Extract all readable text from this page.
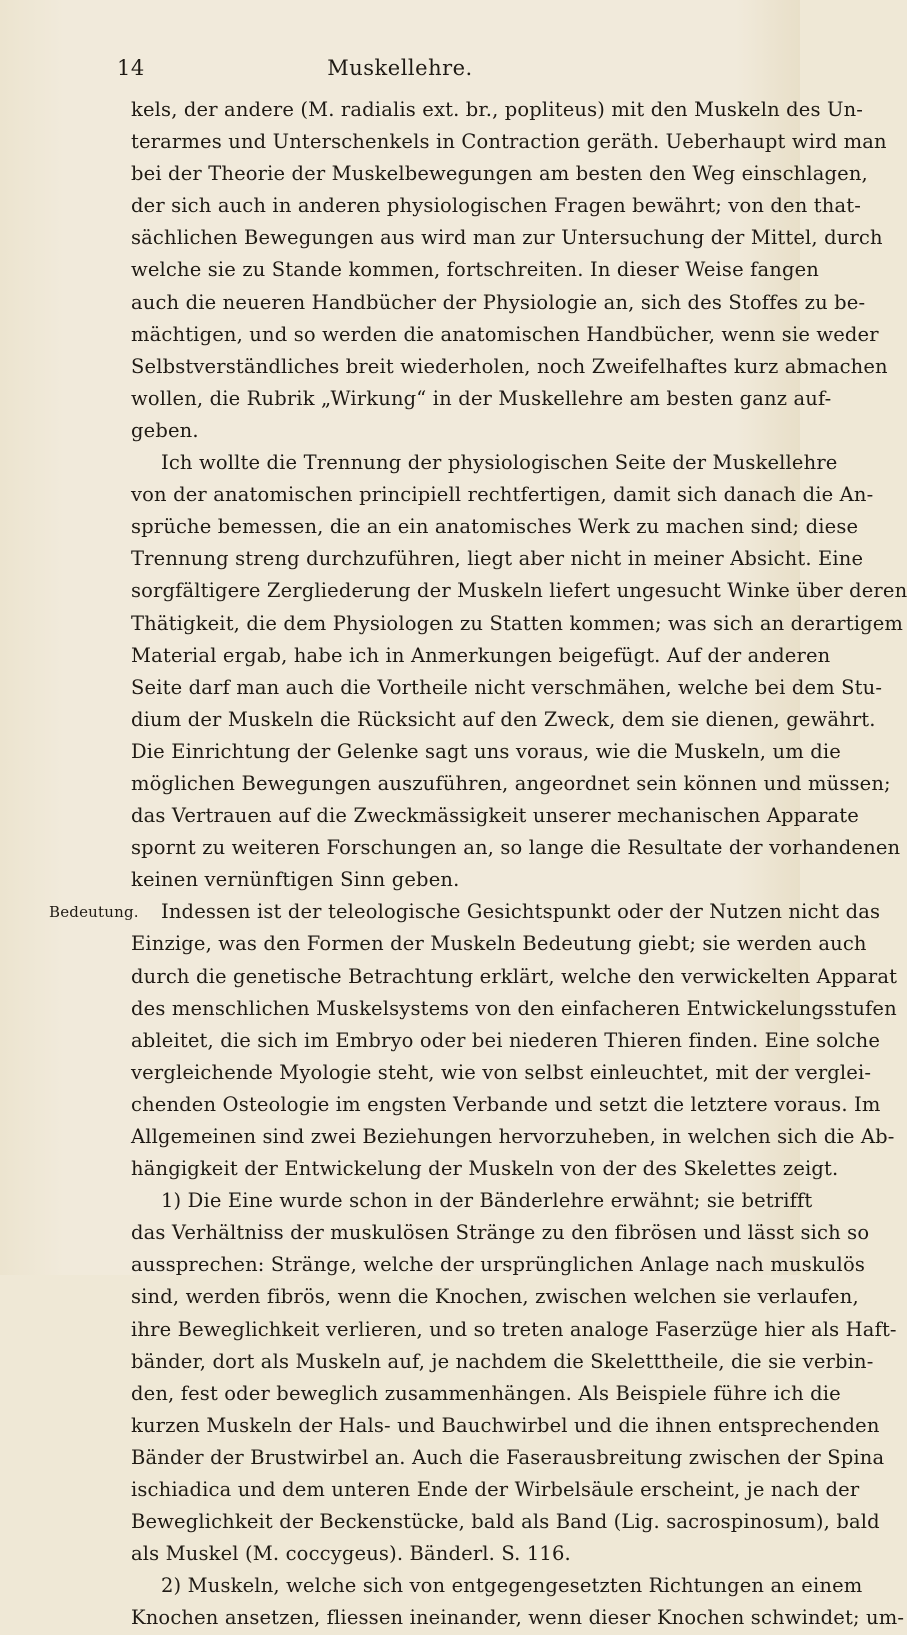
14	Muskellehre.
Bedeutung.
kels, der andere (M. radialis ext. br., popliteus) mit den Muskeln des Un-
terarmes und Unterschenkels in Contraction geräth. Ueberhaupt wird man
bei der Theorie der Muskelbewegungen am besten den Weg einschlagen,
der sich auch in anderen physiologischen Fragen bewährt; von den that-
sächlichen Bewegungen aus wird man zur Untersuchung der Mittel, durch
welche sie zu Stande kommen, fortschreiten. In dieser Weise fangen
auch die neueren Handbücher der Physiologie an, sich des Stoffes zu be-
mächtigen, und so werden die anatomischen Handbücher, wenn sie weder
Selbstverständliches breit wiederholen, noch Zweifelhaftes kurz abmachen
wollen, die Rubrik „Wirkung“ in der Muskellehre am besten ganz auf-
geben.
Ich wollte die Trennung der physiologischen Seite der Muskellehre
von der anatomischen principiell rechtfertigen, damit sich danach die An-
sprüche bemessen, die an ein anatomisches Werk zu machen sind; diese
Trennung streng durchzuführen, liegt aber nicht in meiner Absicht. Eine
sorgfältigere Zergliederung der Muskeln liefert ungesucht Winke über deren
Thätigkeit, die dem Physiologen zu Statten kommen; was sich an derartigem
Material ergab, habe ich in Anmerkungen beigefügt. Auf der anderen
Seite darf man auch die Vortheile nicht verschmähen, welche bei dem Stu-
dium der Muskeln die Rücksicht auf den Zweck, dem sie dienen, gewährt.
Die Einrichtung der Gelenke sagt uns voraus, wie die Muskeln, um die
möglichen Bewegungen auszuführen, angeordnet sein können und müssen;
das Vertrauen auf die Zweckmässigkeit unserer mechanischen Apparate
spornt zu weiteren Forschungen an, so lange die Resultate der vorhandenen
keinen vernünftigen Sinn geben.
Indessen ist der teleologische Gesichtspunkt oder der Nutzen nicht das
Einzige, was den Formen der Muskeln Bedeutung giebt; sie werden auch
durch die genetische Betrachtung erklärt, welche den verwickelten Apparat
des menschlichen Muskelsystems von den einfacheren Entwickelungsstufen
ableitet, die sich im Embryo oder bei niederen Thieren finden. Eine solche
vergleichende Myologie steht, wie von selbst einleuchtet, mit der verglei-
chenden Osteologie im engsten Verbande und setzt die letztere voraus. Im
Allgemeinen sind zwei Beziehungen hervorzuheben, in welchen sich die Ab-
hängigkeit der Entwickelung der Muskeln von der des Skelettes zeigt.
1) Die Eine wurde schon in der Bänderlehre erwähnt; sie betrifft
das Verhältniss der muskulösen Stränge zu den fibrösen und lässt sich so
aussprechen: Stränge, welche der ursprünglichen Anlage nach muskulös
sind, werden fibrös, wenn die Knochen, zwischen welchen sie verlaufen,
ihre Beweglichkeit verlieren, und so treten analoge Faserzüge hier als Haft-
bänder, dort als Muskeln auf, je nachdem die Skeletttheile, die sie verbin-
den, fest oder beweglich zusammenhängen. Als Beispiele führe ich die
kurzen Muskeln der Hals- und Bauchwirbel und die ihnen entsprechenden
Bänder der Brustwirbel an. Auch die Faserausbreitung zwischen der Spina
ischiadica und dem unteren Ende der Wirbelsäule erscheint, je nach der
Beweglichkeit der Beckenstücke, bald als Band (Lig. sacrospinosum), bald
als Muskel (M. coccygeus). Bänderl. S. 116.
2) Muskeln, welche sich von entgegengesetzten Richtungen an einem
Knochen ansetzen, fliessen ineinander, wenn dieser Knochen schwindet; um-
